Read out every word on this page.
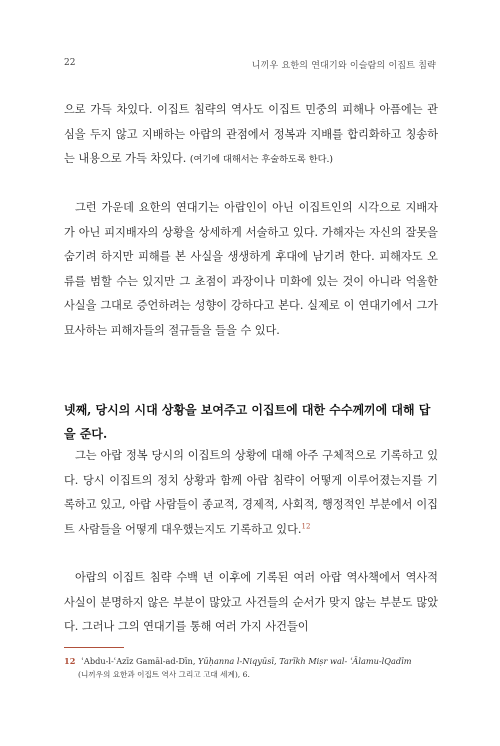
22	니끼우 요한의 연대기와 이슬람의 이집트 침략

으로 가득 차있다. 이집트 침략의 역사도 이집트 민중의 피해나 아픔에는 관심을 두지 않고 지배하는 아랍의 관점에서 정복과 지배를 합리화하고 칭송하는 내용으로 가득 차있다. (여기에 대해서는 후술하도록 한다.)

그런 가운데 요한의 연대기는 아랍인이 아닌 이집트인의 시각으로 지배자가 아닌 피지배자의 상황을 상세하게 서술하고 있다. 가해자는 자신의 잘못을 숨기려 하지만 피해를 본 사실을 생생하게 후대에 남기려 한다. 피해자도 오류를 범할 수는 있지만 그 초점이 과장이나 미화에 있는 것이 아니라 억울한 사실을 그대로 증언하려는 성향이 강하다고 본다. 실제로 이 연대기에서 그가 묘사하는 피해자들의 절규들을 들을 수 있다.

넷째, 당시의 시대 상황을 보여주고 이집트에 대한 수수께끼에 대해 답을 준다.

그는 아랍 정복 당시의 이집트의 상황에 대해 아주 구체적으로 기록하고 있다. 당시 이집트의 정치 상황과 함께 아랍 침략이 어떻게 이루어졌는지를 기록하고 있고, 아랍 사람들이 종교적, 경제적, 사회적, 행정적인 부분에서 이집트 사람들을 어떻게 대우했는지도 기록하고 있다.$^{12}$

아랍의 이집트 침략 수백 년 이후에 기록된 여러 아랍 역사책에서 역사적 사실이 분명하지 않은 부분이 많았고 사건들의 순서가 맞지 않는 부분도 많았다. 그러나 그의 연대기를 통해 여러 가지 사건들이

12 ʿAbdu-l-ʿAzīz Gamāl-ad-Dīn, Yūḥanna l-Niqyūsī, Tarīkh Miṣr wal- ʿĀlamu-lQadīm
(니끼우의 요한과 이집트 역사 그리고 고대 세계), 6.
